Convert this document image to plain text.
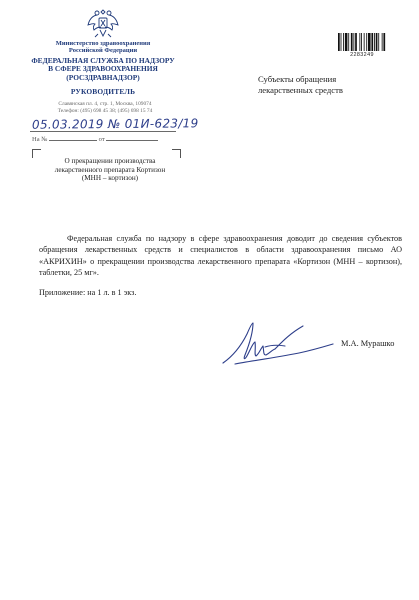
Министерство здравоохранения
Российской Федерации
ФЕДЕРАЛЬНАЯ СЛУЖБА ПО НАДЗОРУ
В СФЕРЕ ЗДРАВООХРАНЕНИЯ
(РОСЗДРАВНАДЗОР)
РУКОВОДИТЕЛЬ
Славянская пл. 4, стр. 1, Москва, 109074
Телефон: (495) 698 45 38; (495) 698 15 74
05.03.2019 № 01И-623/19
На №	от
О прекращении производства
лекарственного препарата Кортизон
(МНН – кортизон)
2283249
Субъекты обращения
лекарственных средств
Федеральная служба по надзору в сфере здравоохранения доводит до сведения субъектов обращения лекарственных средств и специалистов в области здравоохранения письмо АО «АКРИХИН» о прекращении производства лекарственного препарата «Кортизон (МНН – кортизон), таблетки, 25 мг».
Приложение: на 1 л. в 1 экз.
М.А. Мурашко
